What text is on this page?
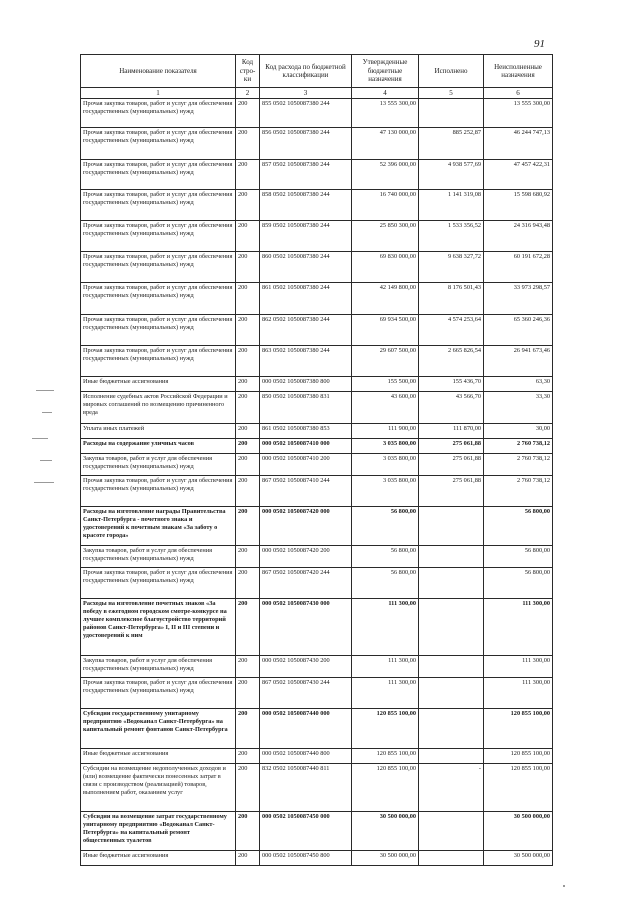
91
Наименование показателя	Код стро-ки	Код расхода по бюджетной классификации	Утвержденные бюджетные назначения	Исполнено	Неисполненные назначения
1	2	3	4	5	6
Прочая закупка товаров, работ и услуг для обеспечения государственных (муниципальных) нужд	200	855 0502 1050087380 244	13 555 300,00		13 555 300,00
Прочая закупка товаров, работ и услуг для обеспечения государственных (муниципальных) нужд	200	856 0502 1050087380 244	47 130 000,00	885 252,87	46 244 747,13
Прочая закупка товаров, работ и услуг для обеспечения государственных (муниципальных) нужд	200	857 0502 1050087380 244	52 396 000,00	4 938 577,69	47 457 422,31
Прочая закупка товаров, работ и услуг для обеспечения государственных (муниципальных) нужд	200	858 0502 1050087380 244	16 740 000,00	1 141 319,08	15 598 680,92
Прочая закупка товаров, работ и услуг для обеспечения государственных (муниципальных) нужд	200	859 0502 1050087380 244	25 850 300,00	1 533 356,52	24 316 943,48
Прочая закупка товаров, работ и услуг для обеспечения государственных (муниципальных) нужд	200	860 0502 1050087380 244	69 830 000,00	9 638 327,72	60 191 672,28
Прочая закупка товаров, работ и услуг для обеспечения государственных (муниципальных) нужд	200	861 0502 1050087380 244	42 149 800,00	8 176 501,43	33 973 298,57
Прочая закупка товаров, работ и услуг для обеспечения государственных (муниципальных) нужд	200	862 0502 1050087380 244	69 934 500,00	4 574 253,64	65 360 246,36
Прочая закупка товаров, работ и услуг для обеспечения государственных (муниципальных) нужд	200	863 0502 1050087380 244	29 607 500,00	2 665 826,54	26 941 673,46
Иные бюджетные ассигнования	200	000 0502 1050087380 800	155 500,00	155 436,70	63,30
Исполнение судебных актов Российской Федерации и мировых соглашений по возмещению причиненного вреда	200	850 0502 1050087380 831	43 600,00	43 566,70	33,30
Уплата иных платежей	200	861 0502 1050087380 853	111 900,00	111 870,00	30,00
Расходы на содержание уличных часов	200	000 0502 1050087410 000	3 035 800,00	275 061,88	2 760 738,12
Закупка товаров, работ и услуг для обеспечения государственных (муниципальных) нужд	200	000 0502 1050087410 200	3 035 800,00	275 061,88	2 760 738,12
Прочая закупка товаров, работ и услуг для обеспечения государственных (муниципальных) нужд	200	867 0502 1050087410 244	3 035 800,00	275 061,88	2 760 738,12
Расходы на изготовление награды Правительства Санкт-Петербурга - почетного знака и удостоверений к почетным знакам «За заботу о красоте города»	200	000 0502 1050087420 000	56 800,00		56 800,00
Закупка товаров, работ и услуг для обеспечения государственных (муниципальных) нужд	200	000 0502 1050087420 200	56 800,00		56 800,00
Прочая закупка товаров, работ и услуг для обеспечения государственных (муниципальных) нужд	200	867 0502 1050087420 244	56 800,00		56 800,00
Расходы на изготовление почетных знаков «За победу в ежегодном городском смотре-конкурсе на лучшее комплексное благоустройство территорий районов Санкт-Петербурга» I, II и III степени и удостоверений к ним	200	000 0502 1050087430 000	111 300,00		111 300,00
Закупка товаров, работ и услуг для обеспечения государственных (муниципальных) нужд	200	000 0502 1050087430 200	111 300,00		111 300,00
Прочая закупка товаров, работ и услуг для обеспечения государственных (муниципальных) нужд	200	867 0502 1050087430 244	111 300,00		111 300,00
Субсидии государственному унитарному предприятию «Водоканал Санкт-Петербурга» на капитальный ремонт фонтанов Санкт-Петербурга	200	000 0502 1050087440 000	120 855 100,00		120 855 100,00
Иные бюджетные ассигнования	200	000 0502 1050087440 800	120 855 100,00		120 855 100,00
Субсидии на возмещение недополученных доходов и (или) возмещение фактически понесенных затрат в связи с производством (реализацией) товаров, выполнением работ, оказанием услуг	200	832 0502 1050087440 811	120 855 100,00	-	120 855 100,00
Субсидии на возмещение затрат государственному унитарному предприятию «Водоканал Санкт-Петербурга» на капитальный ремонт общественных туалетов	200	000 0502 1050087450 000	30 500 000,00		30 500 000,00
Иные бюджетные ассигнования	200	000 0502 1050087450 800	30 500 000,00		30 500 000,00
